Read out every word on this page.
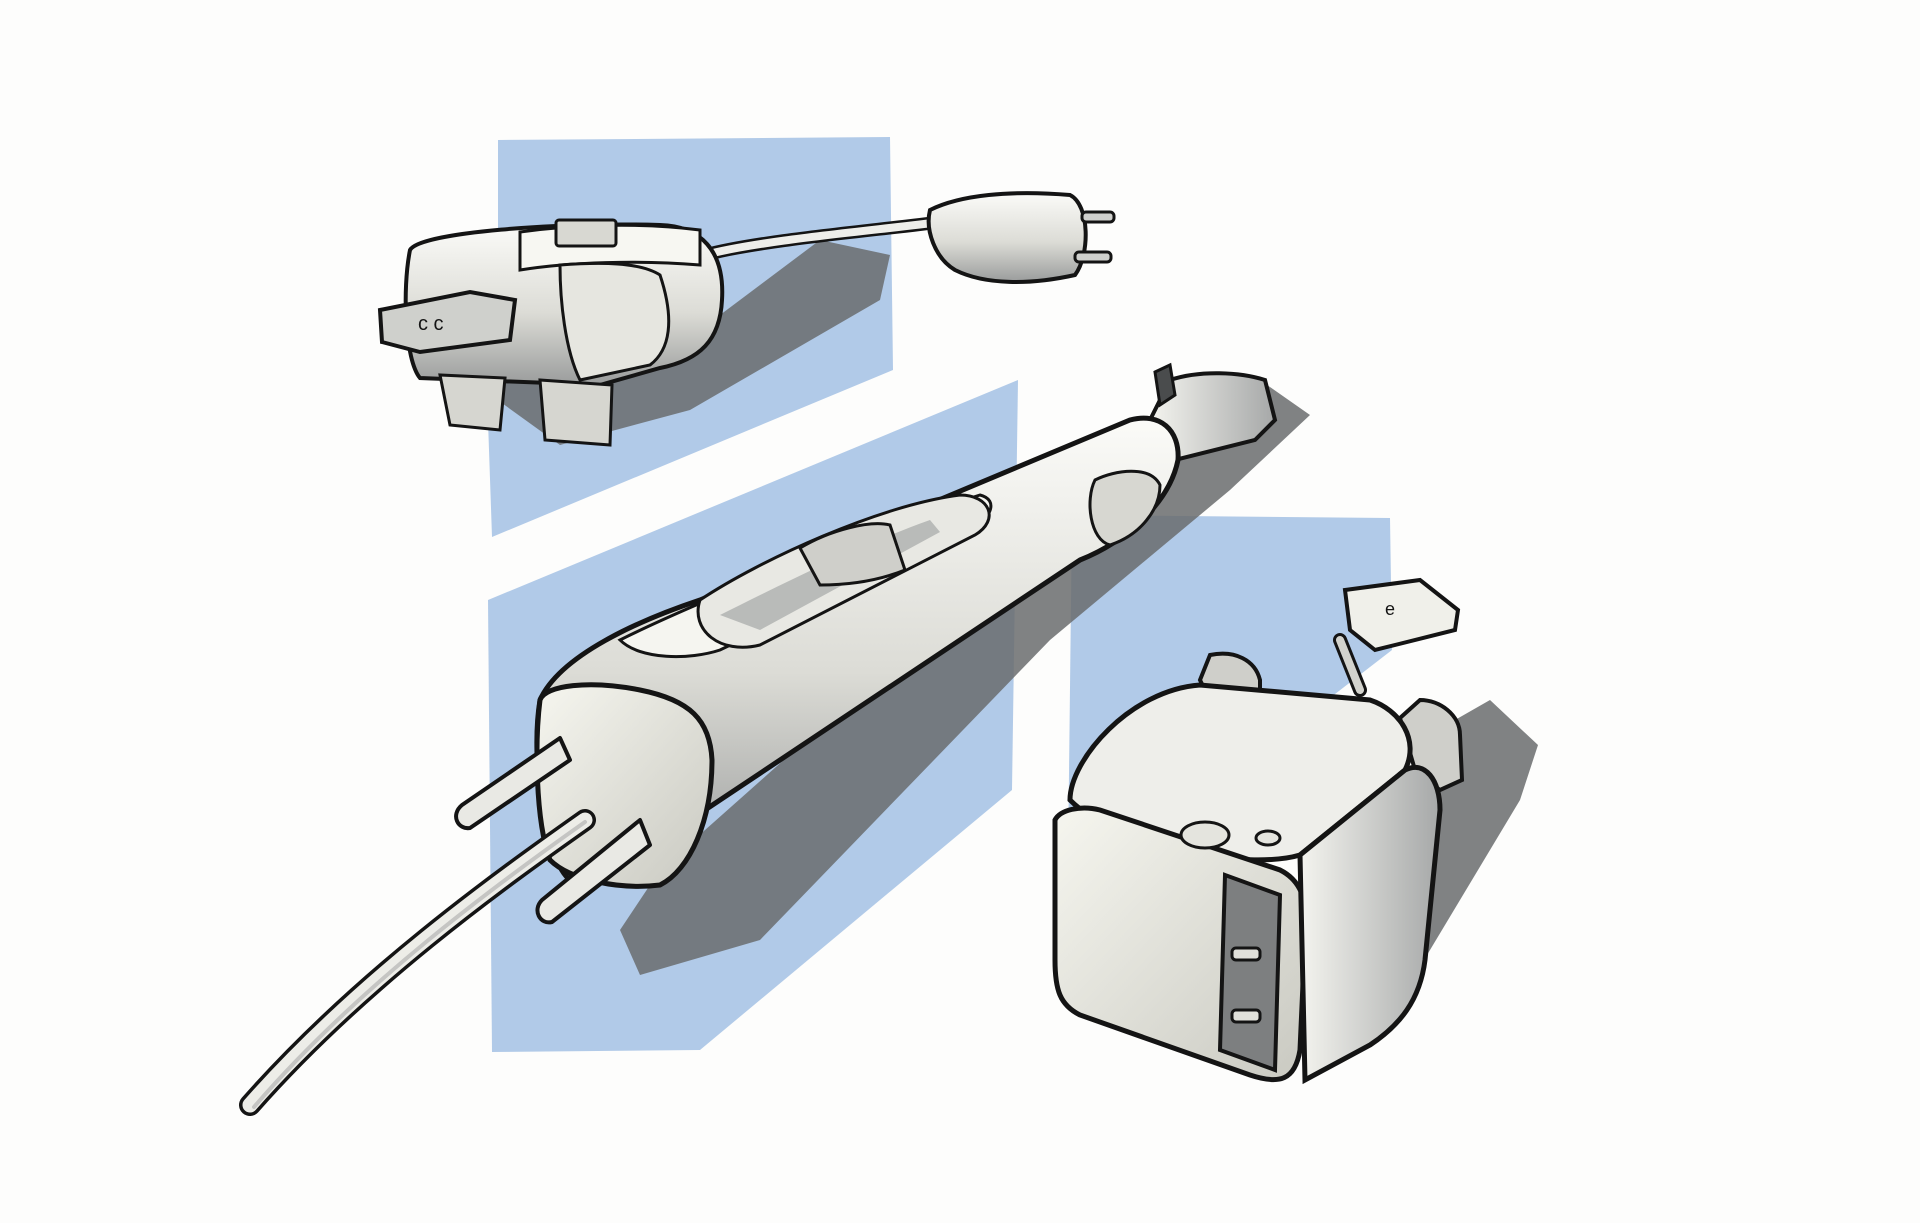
c c
e
